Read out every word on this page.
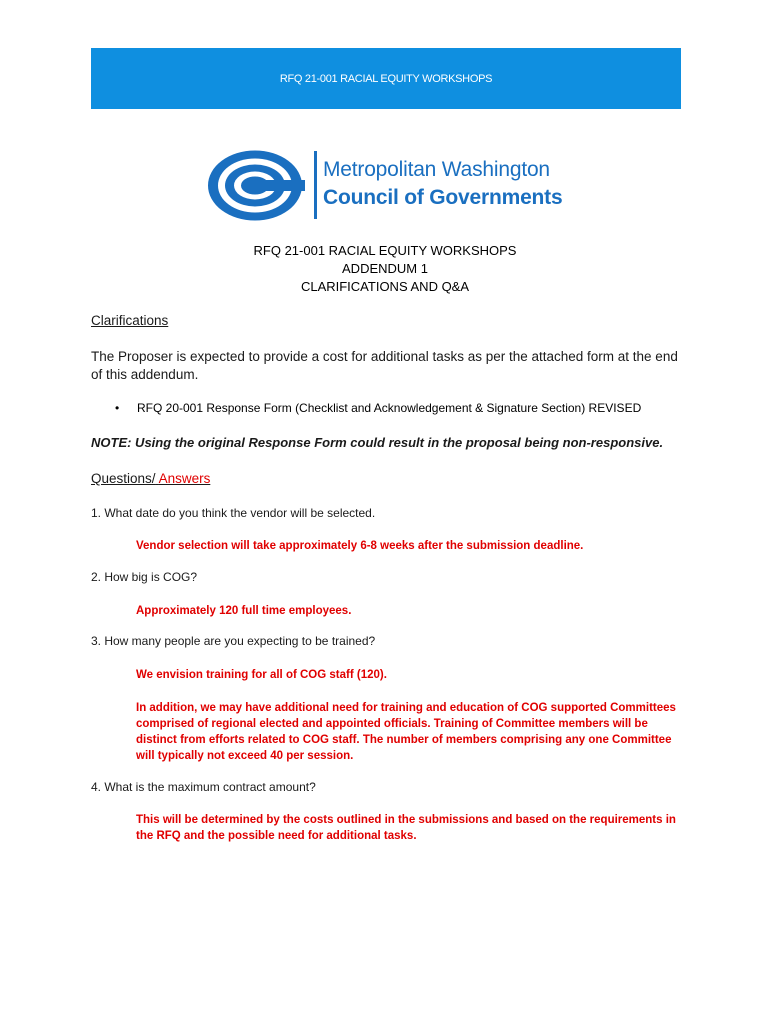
RFQ 21-001 RACIAL EQUITY WORKSHOPS
Metropolitan Washington
Council of Governments
RFQ 21-001 RACIAL EQUITY WORKSHOPS
ADDENDUM 1
CLARIFICATIONS AND Q&A
Clarifications
The Proposer is expected to provide a cost for additional tasks as per the attached form at the end of this addendum.
• RFQ 20-001 Response Form (Checklist and Acknowledgement & Signature Section) REVISED
NOTE: Using the original Response Form could result in the proposal being non-responsive.
Questions/ Answers
1. What date do you think the vendor will be selected.
Vendor selection will take approximately 6-8 weeks after the submission deadline.
2. How big is COG?
Approximately 120 full time employees.
3. How many people are you expecting to be trained?
We envision training for all of COG staff (120).
In addition, we may have additional need for training and education of COG supported Committees comprised of regional elected and appointed officials. Training of Committee members will be distinct from efforts related to COG staff. The number of members comprising any one Committee will typically not exceed 40 per session.
4. What is the maximum contract amount?
This will be determined by the costs outlined in the submissions and based on the requirements in the RFQ and the possible need for additional tasks.
